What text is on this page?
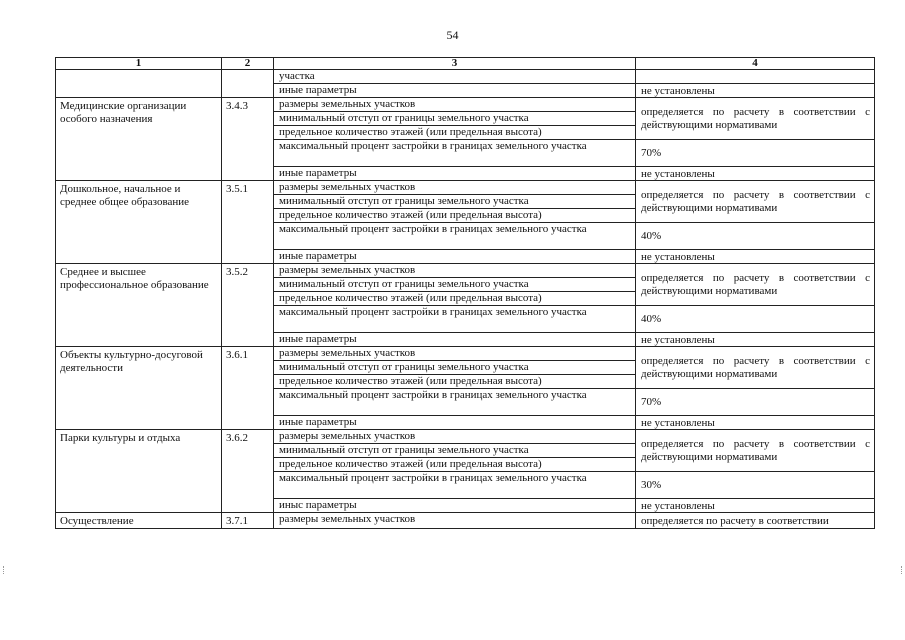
54
1	2	3	4
		участка	
		иные параметры	не установлены
Медицинские организации особого назначения	3.4.3	размеры земельных участков	определяется по расчету в соответствии с действующими нормативами
		минимальный отступ от границы земельного участка	
		предельное количество этажей (или предельная высота)	
		максимальный процент застройки в границах земельного участка	70%
		иные параметры	не установлены
Дошкольное, начальное и среднее общее образование	3.5.1	размеры земельных участков	определяется по расчету в соответствии с действующими нормативами
		минимальный отступ от границы земельного участка	
		предельное количество этажей (или предельная высота)	
		максимальный процент застройки в границах земельного участка	40%
		иные параметры	не установлены
Среднее и высшее профессиональное образование	3.5.2	размеры земельных участков	определяется по расчету в соответствии с действующими нормативами
		минимальный отступ от границы земельного участка	
		предельное количество этажей (или предельная высота)	
		максимальный процент застройки в границах земельного участка	40%
		иные параметры	не установлены
Объекты культурно-досуговой деятельности	3.6.1	размеры земельных участков	определяется по расчету в соответствии с действующими нормативами
		минимальный отступ от границы земельного участка	
		предельное количество этажей (или предельная высота)	
		максимальный процент застройки в границах земельного участка	70%
		иные параметры	не установлены
Парки культуры и отдыха	3.6.2	размеры земельных участков	определяется по расчету в соответствии с действующими нормативами
		минимальный отступ от границы земельного участка	
		предельное количество этажей (или предельная высота)	
		максимальный процент застройки в границах земельного участка	30%
		иныс параметры	не установлены
Осуществление	3.7.1	размеры земельных участков	определяется по расчету в соответствии
